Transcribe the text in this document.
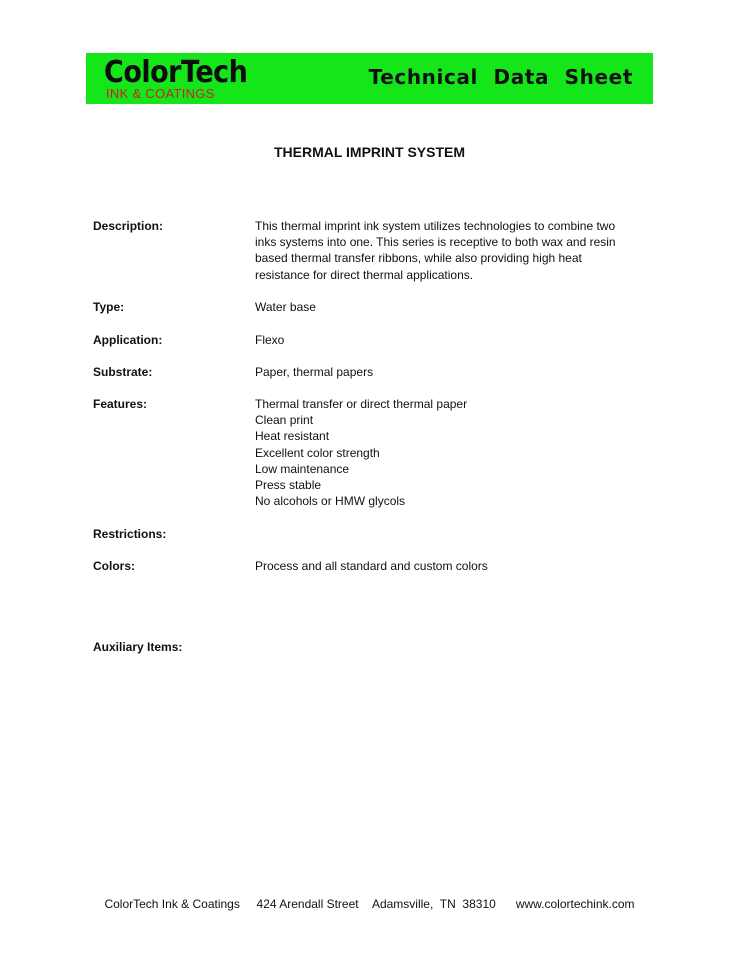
ColorTech
INK & COATINGS
Technical Data Sheet
THERMAL IMPRINT SYSTEM
Description:	This thermal imprint ink system utilizes technologies to combine two
inks systems into one. This series is receptive to both wax and resin
based thermal transfer ribbons, while also providing high heat
resistance for direct thermal applications.
Type:	Water base
Application:	Flexo
Substrate:	Paper, thermal papers
Features:	Thermal transfer or direct thermal paper
Clean print
Heat resistant
Excellent color strength
Low maintenance
Press stable
No alcohols or HMW glycols
Restrictions:
Colors:	Process and all standard and custom colors
Auxiliary Items:
ColorTech Ink & Coatings 424 Arendall Street Adamsville,  TN  38310 www.colortechink.com
